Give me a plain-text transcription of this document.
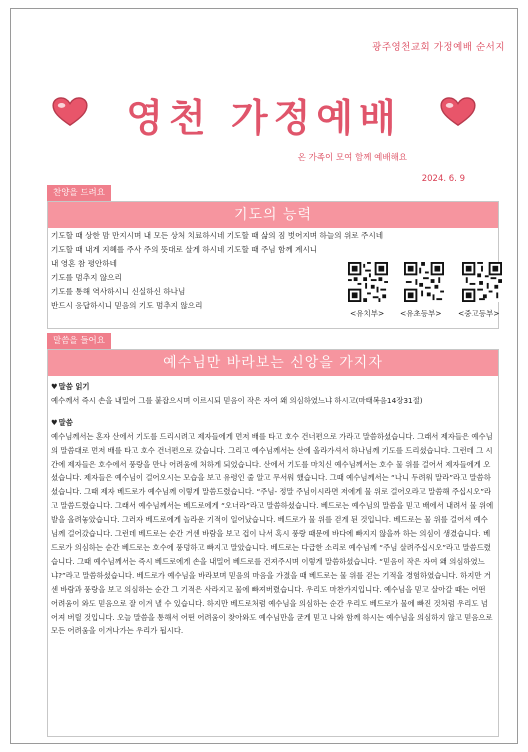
광주영천교회 가정예배 순서지
영천 가정예배
온 가족이 모여 함께 예배해요
2024. 6. 9
찬양을 드려요
기도의 능력
기도할 때 상한 맘 만지시며 내 모든 상처 치료하시네 기도할 때 삶의 짐 벗어지며 하늘의 위로 주시네
기도할 때 내게 지혜를 주사 주의 뜻대로 살게 하시네 기도할 때 주님 함께 계시니
내 영혼 참 평안하네
기도를 멈추지 않으리
기도를 통해 역사하시니 신실하신 하나님
반드시 응답하시니 믿음의 기도 멈추지 않으리
<유치부> <유초등부> <중고등부>
말씀을 들어요
예수님만 바라보는 신앙을 가지자

♥말씀 읽기

예수께서 즉시 손을 내밀어 그를 붙잡으시며 이르시되 믿음이 작은 자여 왜 의심하였느냐 하시고(마태복음14장31절)

♥말씀

예수님께서는 혼자 산에서 기도를 드리시려고 제자들에게 먼저 배를 타고 호수 건너편으로 가라고 말씀하셨습니다. 그래서 제자들은 예수님의 말씀대로 먼저 배를 타고 호수 건너편으로 갔습니다. 그리고 예수님께서는 산에 올라가셔서 하나님께 기도를 드리셨습니다. 그런데 그 시간에 제자들은 호수에서 풍랑을 만나 어려움에 처하게 되었습니다. 산에서 기도를 마치신 예수님께서는 호수 물 위를 걸어서 제자들에게 오셨습니다. 제자들은 예수님이 걸어오시는 모습을 보고 유령인 줄 알고 무서워 했습니다. 그때 예수님께서는 “나니 두려워 말라”라고 말씀하셨습니다. 그때 제자 베드로가 예수님께 이렇게 말씀드렸습니다. “주님- 정말 주님이시라면 저에게 물 위로 걸어오라고 말씀해 주십시오”라고 말씀드렸습니다. 그래서 예수님께서는 베드로에게 “오너라”라고 말씀하셨습니다. 베드로는 예수님의 말씀을 믿고 배에서 내려서 물 위에 발을 올려놓았습니다. 그러자 베드로에게 놀라운 기적이 일어났습니다. 베드로가 물 위를 걷게 된 것입니다. 베드로는 물 위를 걸어서 예수님께 걸어갔습니다. 그런데 베드로는 순간 거센 바람을 보고 겁이 나서 혹시 풍랑 때문에 바다에 빠지지 않을까 하는 의심이 생겼습니다. 베드로가 의심하는 순간 베드로는 호수에 풍덩하고 빠지고 말았습니다. 베드로는 다급한 소리로 예수님께 “주님 살려주십시오”라고 말씀드렸습니다. 그때 예수님께서는 즉시 베드로에게 손을 내밀어 베드로를 건져주시며 이렇게 말씀하셨습니다. “믿음이 작은 자여 왜 의심하였느냐?”라고 말씀하셨습니다. 베드로가 예수님을 바라보며 믿음의 마음을 가졌을 때 베드로는 물 위를 걷는 기적을 경험하였습니다. 하지만 거센 바람과 풍랑을 보고 의심하는 순간 그 기적은 사라지고 물에 빠져버렸습니다. 우리도 마찬가지입니다. 예수님을 믿고 살아갈 때는 어떤 어려움이 와도 믿음으로 잘 이겨 낼 수 있습니다. 하지만 베드로처럼 예수님을 의심하는 순간 우리도 베드로가 물에 빠진 것처럼 우리도 넘어져 버릴 것입니다. 오늘 말씀을 통해서 어떤 어려움이 찾아와도 예수님만을 굳게 믿고 나와 함께 하시는 예수님을 의심하지 않고 믿음으로 모든 어려움을 이겨나가는 우리가 됩시다.
